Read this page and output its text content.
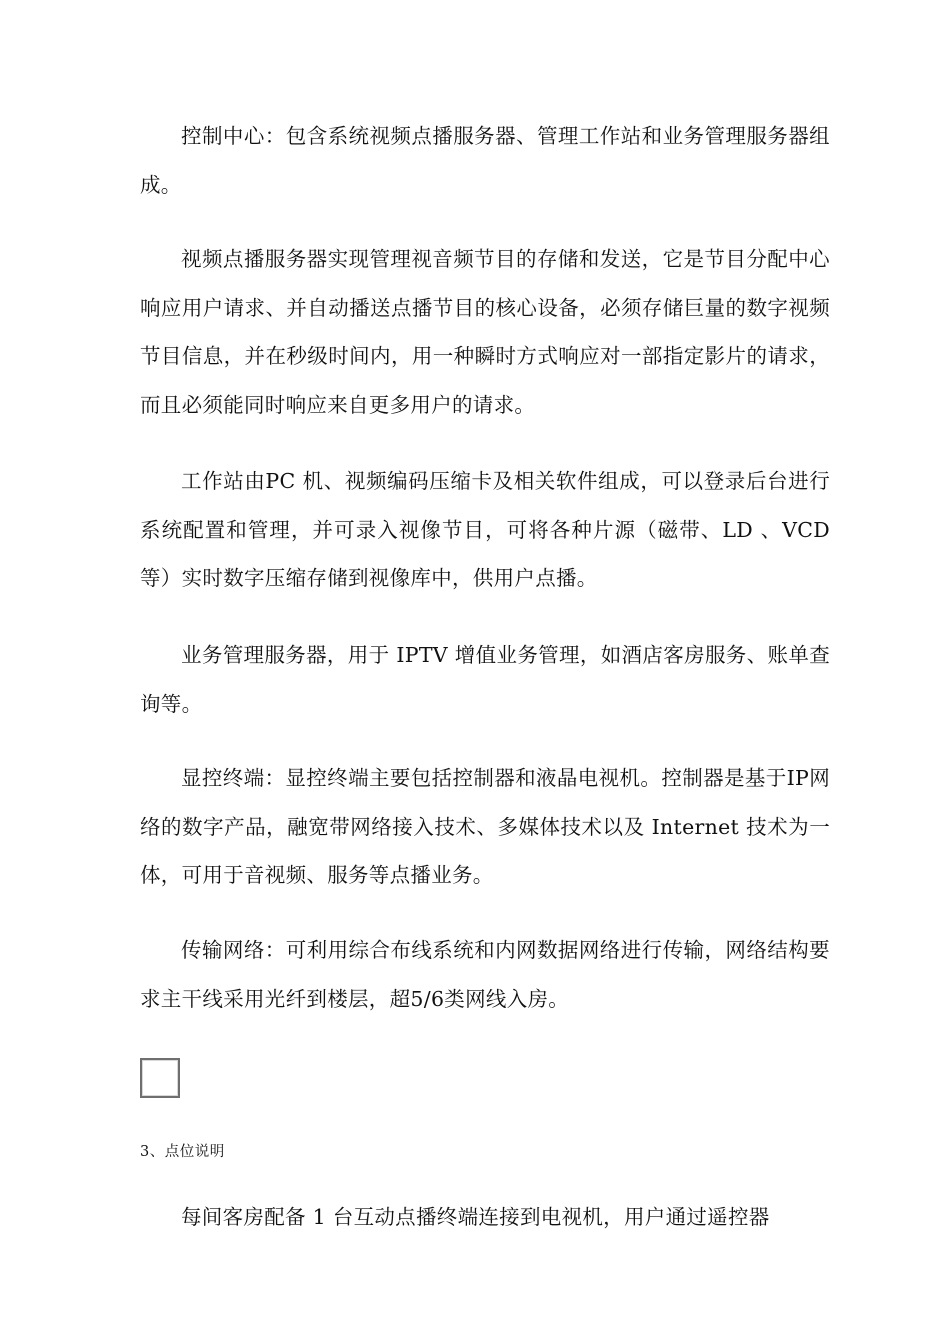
控制中心：包含系统视频点播服务器、管理工作站和业务管理服务器组成。

视频点播服务器实现管理视音频节目的存储和发送，它是节目分配中心响应用户请求、并自动播送点播节目的核心设备，必须存储巨量的数字视频节目信息，并在秒级时间内，用一种瞬时方式响应对一部指定影片的请求，而且必须能同时响应来自更多用户的请求。

工作站由PC 机、视频编码压缩卡及相关软件组成，可以登录后台进行系统配置和管理，并可录入视像节目，可将各种片源（磁带、LD 、VCD 等）实时数字压缩存储到视像库中，供用户点播。

业务管理服务器，用于 IPTV 增值业务管理，如酒店客房服务、账单查询等。

显控终端：显控终端主要包括控制器和液晶电视机。控制器是基于IP网络的数字产品，融宽带网络接入技术、多媒体技术以及 Internet 技术为一体，可用于音视频、服务等点播业务。

传输网络：可利用综合布线系统和内网数据网络进行传输，网络结构要求主干线采用光纤到楼层，超5/6类网线入房。

3、点位说明

每间客房配备 1 台互动点播终端连接到电视机，用户通过遥控器
